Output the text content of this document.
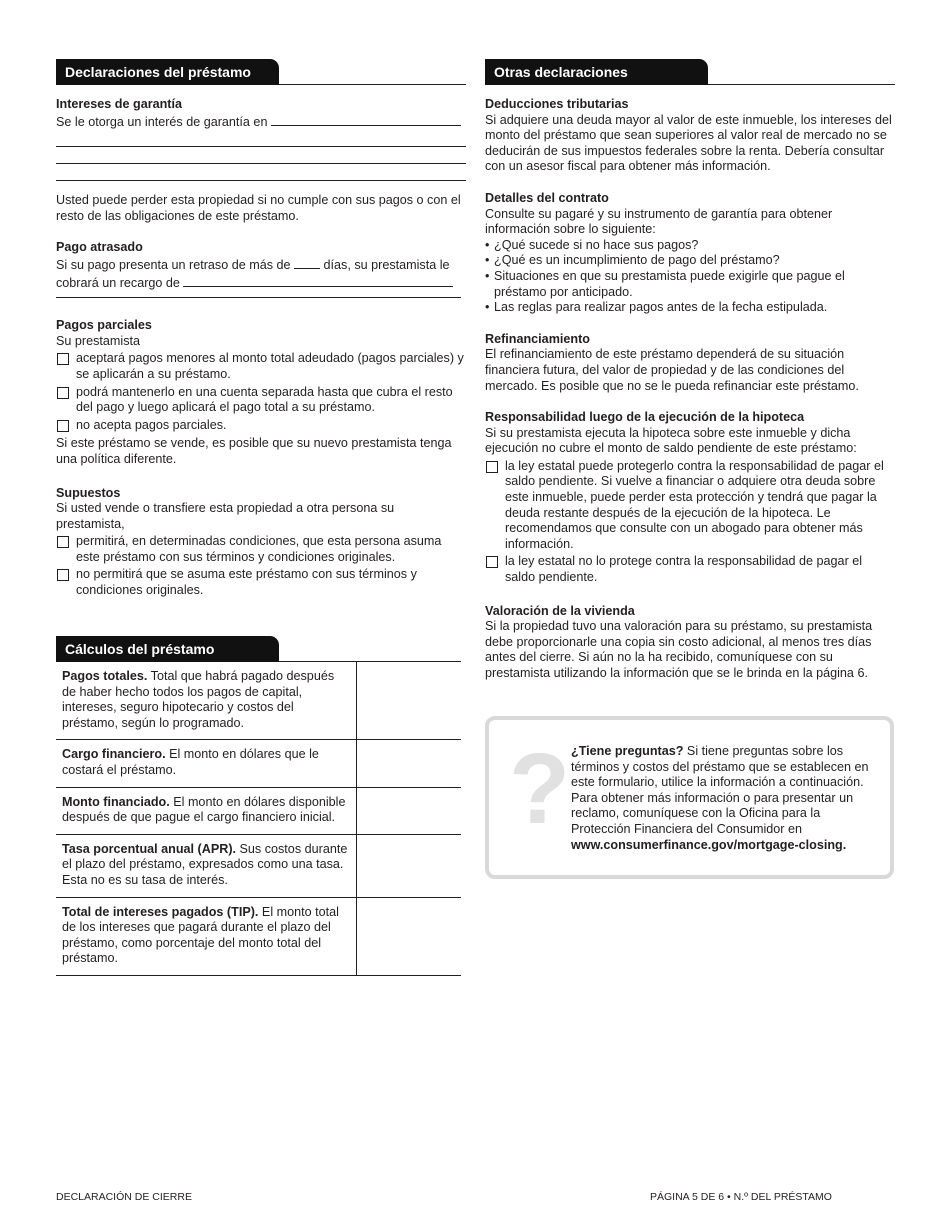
Declaraciones del préstamo
Intereses de garantía
Se le otorga un interés de garantía en
Usted puede perder esta propiedad si no cumple con sus pagos o con el resto de las obligaciones de este préstamo.
Pago atrasado
Si su pago presenta un retraso de más de	días, su prestamista le cobrará un recargo de
Pagos parciales
Su prestamista
aceptará pagos menores al monto total adeudado (pagos parciales) y se aplicarán a su préstamo.
podrá mantenerlo en una cuenta separada hasta que cubra el resto del pago y luego aplicará el pago total a su préstamo.
no acepta pagos parciales.
Si este préstamo se vende, es posible que su nuevo prestamista tenga una política diferente.
Supuestos
Si usted vende o transfiere esta propiedad a otra persona su prestamista,
permitirá, en determinadas condiciones, que esta persona asuma este préstamo con sus términos y condiciones originales.
no permitirá que se asuma este préstamo con sus términos y condiciones originales.
Cálculos del préstamo
Pagos totales. Total que habrá pagado después de haber hecho todos los pagos de capital, intereses, seguro hipotecario y costos del préstamo, según lo programado.	
Cargo financiero. El monto en dólares que le costará el préstamo.	
Monto financiado. El monto en dólares disponible después de que pague el cargo financiero inicial.	
Tasa porcentual anual (APR). Sus costos durante el plazo del préstamo, expresados como una tasa. Esta no es su tasa de interés.	
Total de intereses pagados (TIP). El monto total de los intereses que pagará durante el plazo del préstamo, como porcentaje del monto total del préstamo.	
Otras declaraciones
Deducciones tributarias
Si adquiere una deuda mayor al valor de este inmueble, los intereses del monto del préstamo que sean superiores al valor real de mercado no se deducirán de sus impuestos federales sobre la renta. Debería consultar con un asesor fiscal para obtener más información.
Detalles del contrato
Consulte su pagaré y su instrumento de garantía para obtener información sobre lo siguiente:
• ¿Qué sucede si no hace sus pagos?
• ¿Qué es un incumplimiento de pago del préstamo?
• Situaciones en que su prestamista puede exigirle que pague el préstamo por anticipado.
• Las reglas para realizar pagos antes de la fecha estipulada.
Refinanciamiento
El refinanciamiento de este préstamo dependerá de su situación financiera futura, del valor de propiedad y de las condiciones del mercado. Es posible que no se le pueda refinanciar este préstamo.
Responsabilidad luego de la ejecución de la hipoteca
Si su prestamista ejecuta la hipoteca sobre este inmueble y dicha ejecución no cubre el monto de saldo pendiente de este préstamo:
la ley estatal puede protegerlo contra la responsabilidad de pagar el saldo pendiente. Si vuelve a financiar o adquiere otra deuda sobre este inmueble, puede perder esta protección y tendrá que pagar la deuda restante después de la ejecución de la hipoteca. Le recomendamos que consulte con un abogado para obtener más información.
la ley estatal no lo protege contra la responsabilidad de pagar el saldo pendiente.
Valoración de la vivienda
Si la propiedad tuvo una valoración para su préstamo, su prestamista debe proporcionarle una copia sin costo adicional, al menos tres días antes del cierre. Si aún no la ha recibido, comuníquese con su prestamista utilizando la información que se le brinda en la página 6.
? ¿Tiene preguntas? Si tiene preguntas sobre los términos y costos del préstamo que se establecen en este formulario, utilice la información a continuación. Para obtener más información o para presentar un reclamo, comuníquese con la Oficina para la Protección Financiera del Consumidor en www.consumerfinance.gov/mortgage-closing.
DECLARACIÓN DE CIERRE	PÁGINA 5 DE 6 • N.º DEL PRÉSTAMO
